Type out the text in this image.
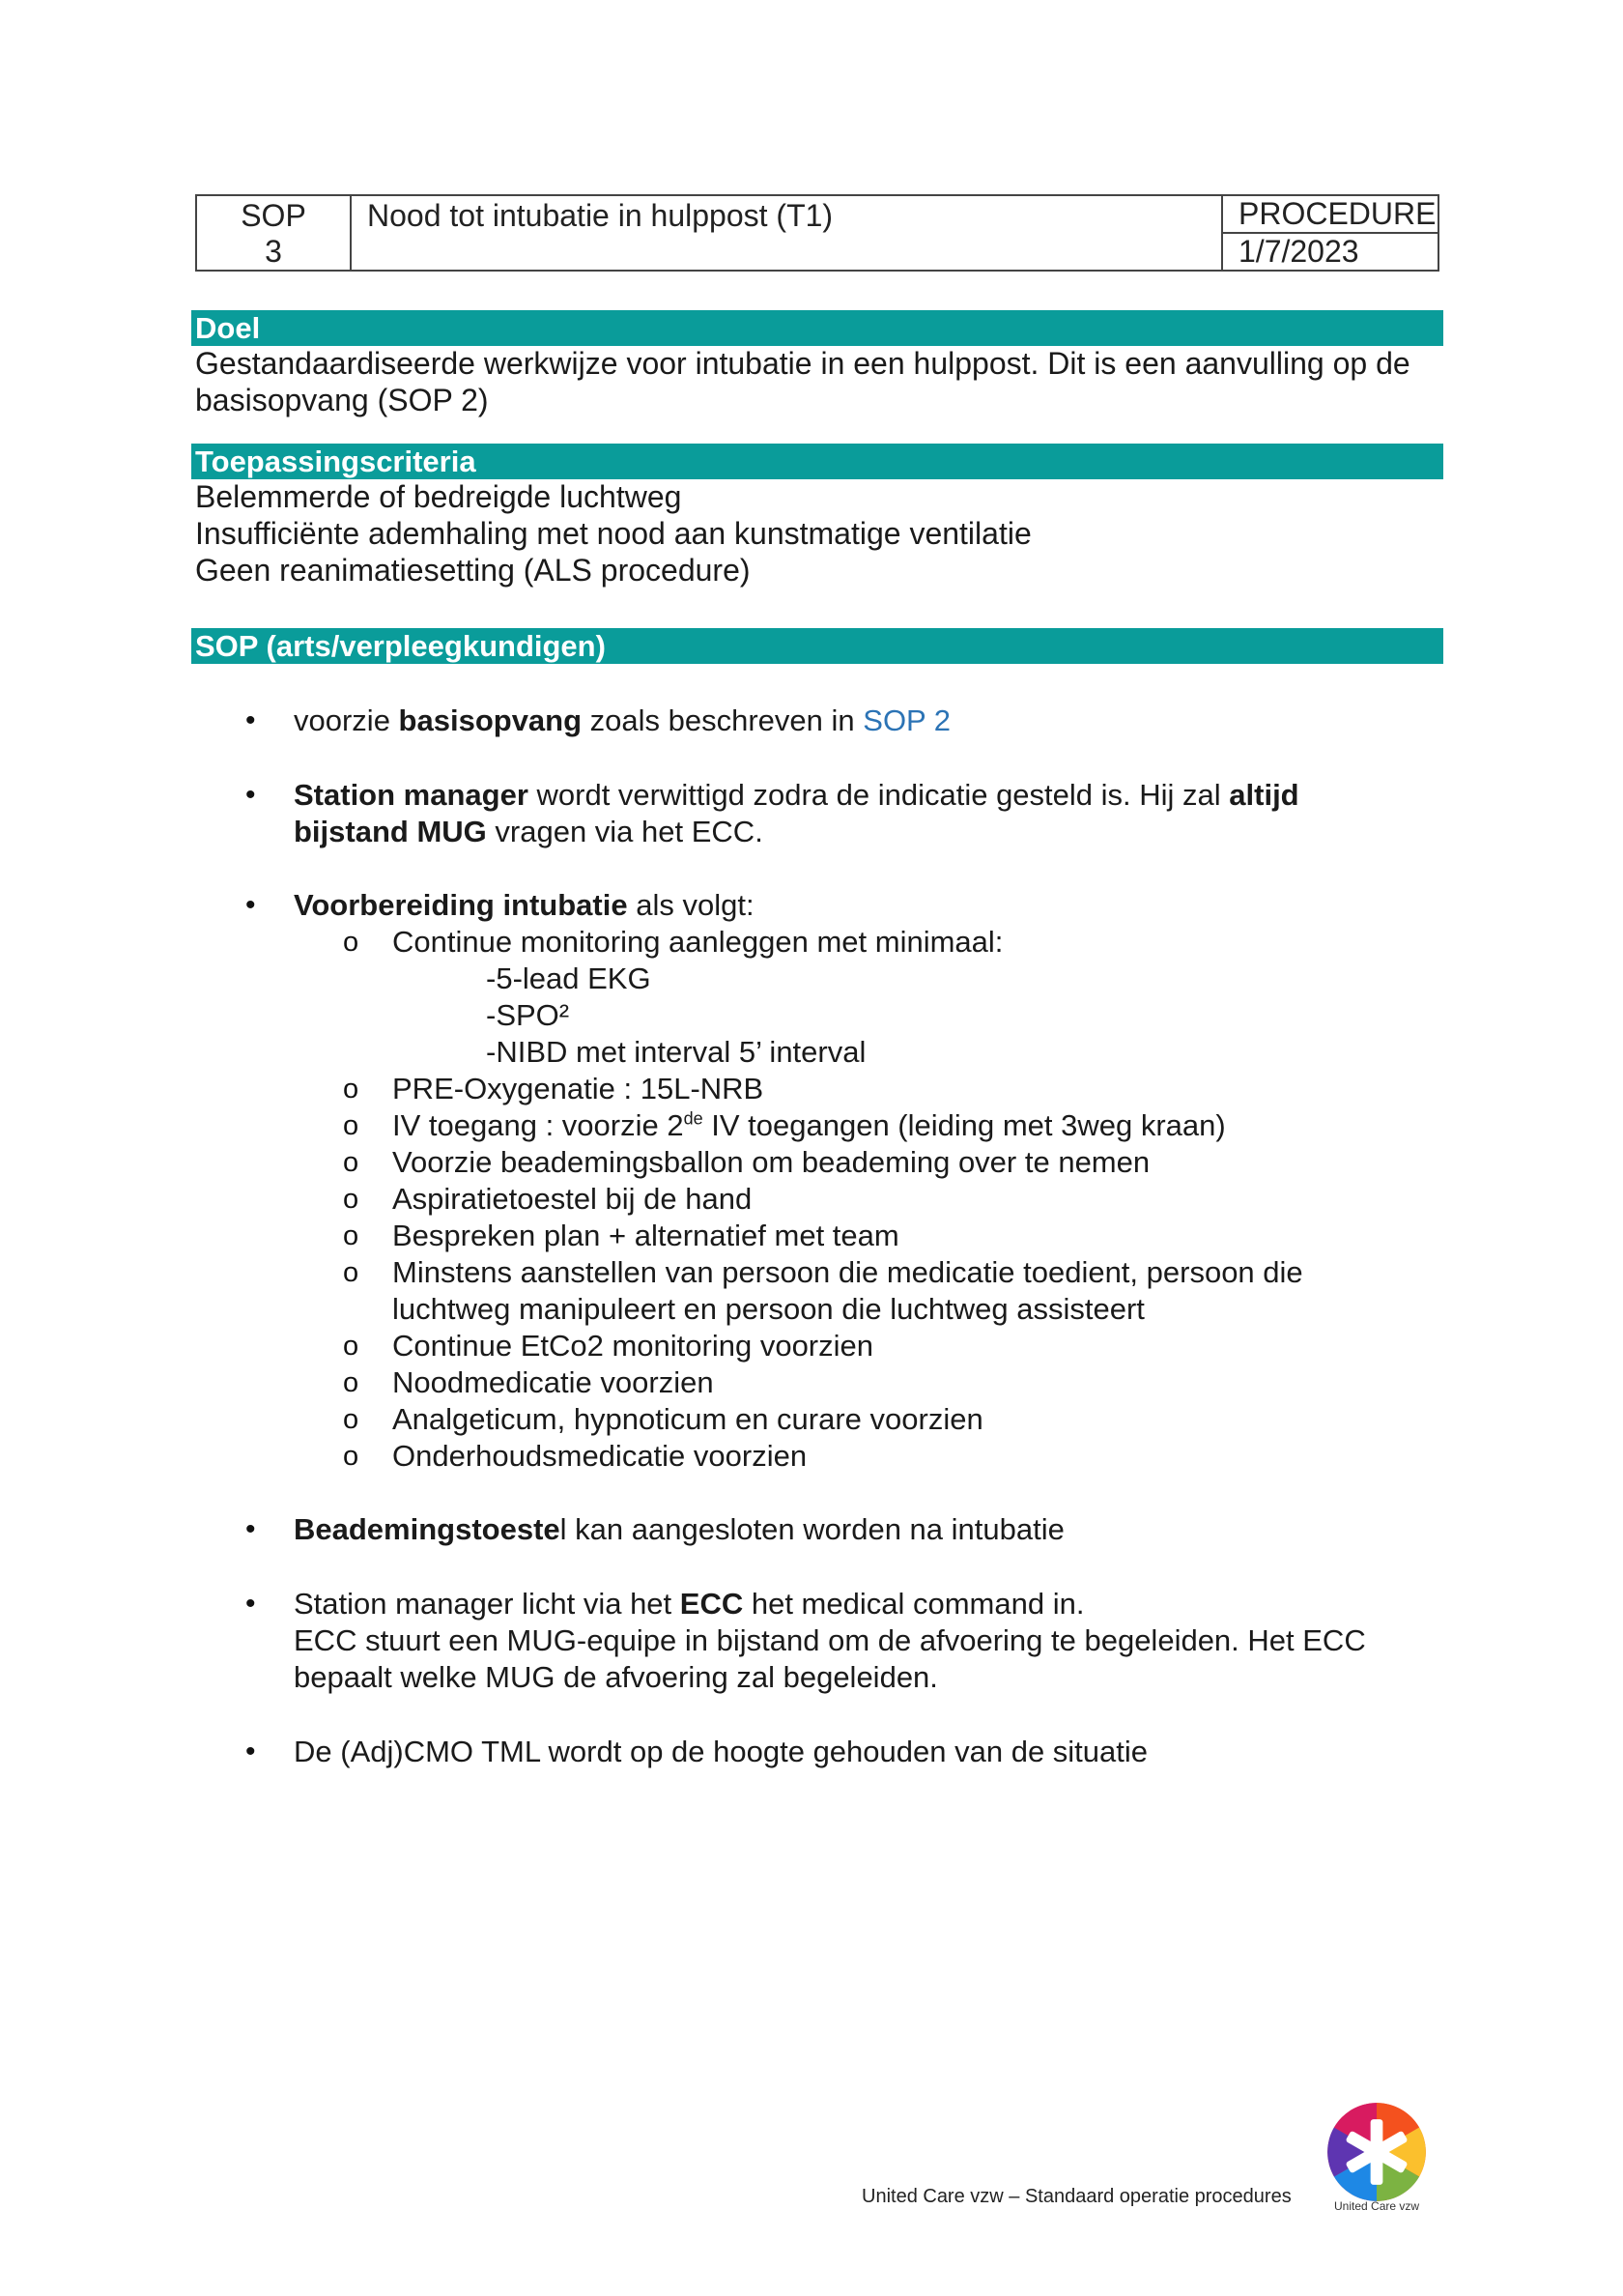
SOP
3
	Nood tot intubatie in hulppost (T1)	PROCEDURE
1/7/2023
Doel
Gestandaardiseerde werkwijze voor intubatie in een hulppost. Dit is een aanvulling op de
basisopvang (SOP 2)
Toepassingscriteria
Belemmerde of bedreigde luchtweg
Insufficiënte ademhaling met nood aan kunstmatige ventilatie
Geen reanimatiesetting (ALS procedure)
SOP (arts/verpleegkundigen)
• voorzie basisopvang zoals beschreven in SOP 2
• Station manager wordt verwittigd zodra de indicatie gesteld is. Hij zal altijd
bijstand MUG vragen via het ECC.
• Voorbereiding intubatie als volgt:
o Continue monitoring aanleggen met minimaal:
-5-lead EKG
-SPO²
-NIBD met interval 5’ interval
o PRE-Oxygenatie : 15L-NRB
o IV toegang : voorzie 2de IV toegangen (leiding met 3weg kraan)
o Voorzie beademingsballon om beademing over te nemen
o Aspiratietoestel bij de hand
o Bespreken plan + alternatief met team
o Minstens aanstellen van persoon die medicatie toedient, persoon die
luchtweg manipuleert en persoon die luchtweg assisteert
o Continue EtCo2 monitoring voorzien
o Noodmedicatie voorzien
o Analgeticum, hypnoticum en curare voorzien
o Onderhoudsmedicatie voorzien
• Beademingstoestel kan aangesloten worden na intubatie
• Station manager licht via het ECC het medical command in.
ECC stuurt een MUG-equipe in bijstand om de afvoering te begeleiden. Het ECC
bepaalt welke MUG de afvoering zal begeleiden.
• De (Adj)CMO TML wordt op de hoogte gehouden van de situatie
United Care vzw – Standaard operatie procedures	United Care vzw
